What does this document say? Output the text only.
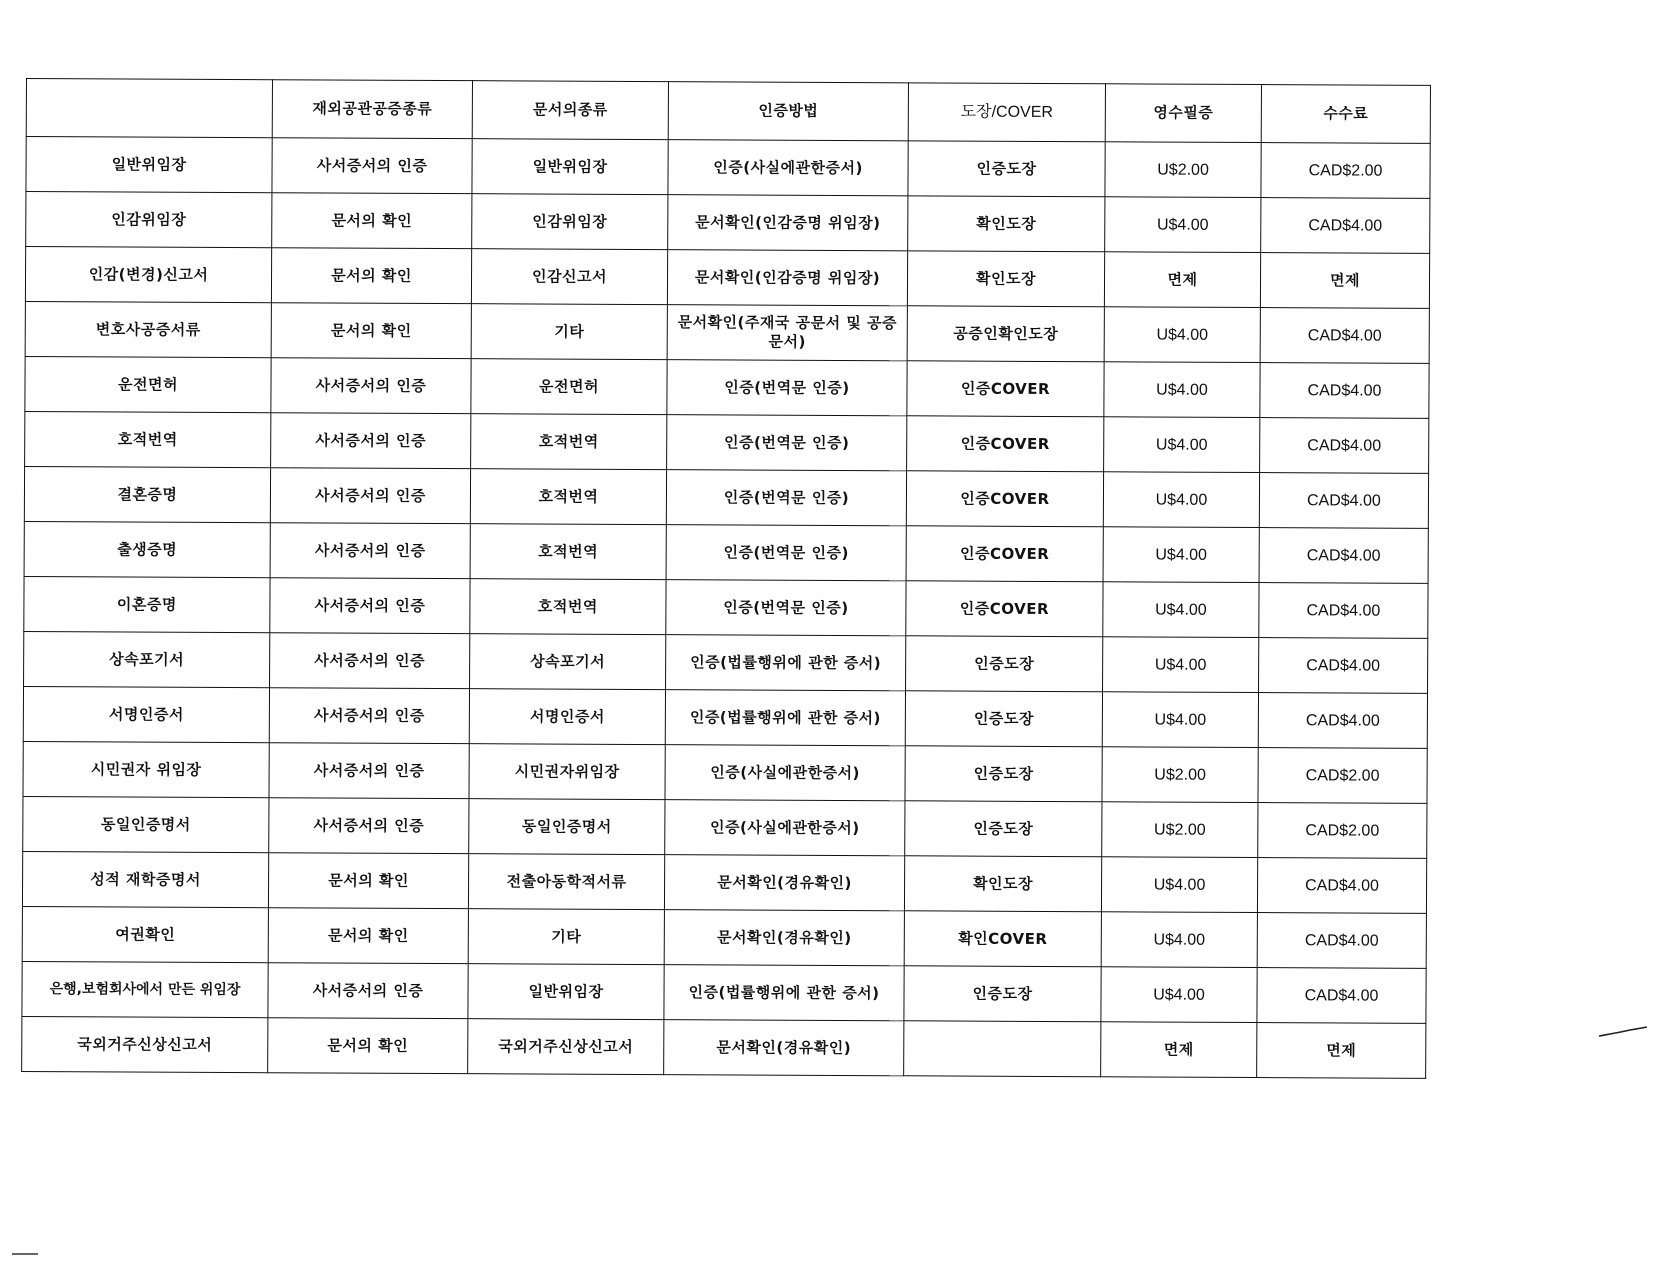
	재외공관공증종류	문서의종류	인증방법	도장/COVER	영수필증	수수료
일반위임장	사서증서의 인증	일반위임장	인증(사실에관한증서)	인증도장	U$2.00	CAD$2.00
인감위임장	문서의 확인	인감위임장	문서확인(인감증명 위임장)	확인도장	U$4.00	CAD$4.00
인감(변경)신고서	문서의 확인	인감신고서	문서확인(인감증명 위임장)	확인도장	면제	면제
변호사공증서류	문서의 확인	기타	문서확인(주재국 공문서 및 공증문서)	공증인확인도장	U$4.00	CAD$4.00
운전면허	사서증서의 인증	운전면허	인증(번역문 인증)	인증COVER	U$4.00	CAD$4.00
호적번역	사서증서의 인증	호적번역	인증(번역문 인증)	인증COVER	U$4.00	CAD$4.00
결혼증명	사서증서의 인증	호적번역	인증(번역문 인증)	인증COVER	U$4.00	CAD$4.00
출생증명	사서증서의 인증	호적번역	인증(번역문 인증)	인증COVER	U$4.00	CAD$4.00
이혼증명	사서증서의 인증	호적번역	인증(번역문 인증)	인증COVER	U$4.00	CAD$4.00
상속포기서	사서증서의 인증	상속포기서	인증(법률행위에 관한 증서)	인증도장	U$4.00	CAD$4.00
서명인증서	사서증서의 인증	서명인증서	인증(법률행위에 관한 증서)	인증도장	U$4.00	CAD$4.00
시민권자 위임장	사서증서의 인증	시민권자위임장	인증(사실에관한증서)	인증도장	U$2.00	CAD$2.00
동일인증명서	사서증서의 인증	동일인증명서	인증(사실에관한증서)	인증도장	U$2.00	CAD$2.00
성적 재학증명서	문서의 확인	전출아동학적서류	문서확인(경유확인)	확인도장	U$4.00	CAD$4.00
여권확인	문서의 확인	기타	문서확인(경유확인)	확인COVER	U$4.00	CAD$4.00
은행,보험회사에서 만든 위임장	사서증서의 인증	일반위임장	인증(법률행위에 관한 증서)	인증도장	U$4.00	CAD$4.00
국외거주신상신고서	문서의 확인	국외거주신상신고서	문서확인(경유확인)		면제	면제
